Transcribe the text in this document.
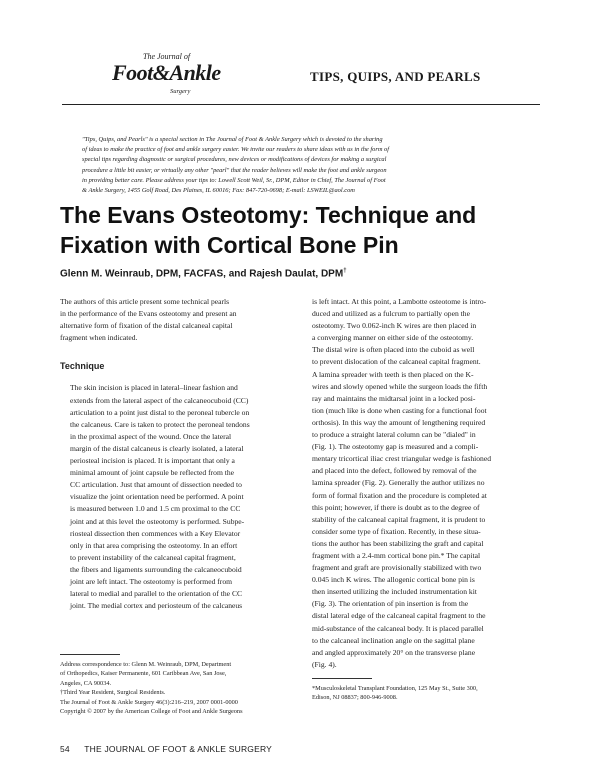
The Journal of
Foot&Ankle
Surgery
TIPS, QUIPS, AND PEARLS
"Tips, Quips, and Pearls" is a special section in The Journal of Foot & Ankle Surgery which is devoted to the sharing
of ideas to make the practice of foot and ankle surgery easier. We invite our readers to share ideas with us in the form of
special tips regarding diagnostic or surgical procedures, new devices or modifications of devices for making a surgical
procedure a little bit easier, or virtually any other "pearl" that the reader believes will make the foot and ankle surgeon
in providing better care. Please address your tips to: Lowell Scott Weil, Sr., DPM, Editor in Chief, The Journal of Foot
& Ankle Surgery, 1455 Golf Road, Des Plaines, IL 60016; Fax: 847-720-0698; E-mail: LSWEIL@aol.com
The Evans Osteotomy: Technique and
Fixation with Cortical Bone Pin
Glenn M. Weinraub, DPM, FACFAS, and Rajesh Daulat, DPM†
The authors of this article present some technical pearls
in the performance of the Evans osteotomy and present an
alternative form of fixation of the distal calcaneal capital
fragment when indicated.
Technique
The skin incision is placed in lateral–linear fashion and
extends from the lateral aspect of the calcaneocuboid (CC)
articulation to a point just distal to the peroneal tubercle on
the calcaneus. Care is taken to protect the peroneal tendons
in the proximal aspect of the wound. Once the lateral
margin of the distal calcaneus is clearly isolated, a lateral
periosteal incision is placed. It is important that only a
minimal amount of joint capsule be reflected from the
CC articulation. Just that amount of dissection needed to
visualize the joint orientation need be performed. A point
is measured between 1.0 and 1.5 cm proximal to the CC
joint and at this level the osteotomy is performed. Subpe-
riosteal dissection then commences with a Key Elevator
only in that area comprising the osteotomy. In an effort
to prevent instability of the calcaneal capital fragment,
the fibers and ligaments surrounding the calcaneocuboid
joint are left intact. The osteotomy is performed from
lateral to medial and parallel to the orientation of the CC
joint. The medial cortex and periosteum of the calcaneus
Address correspondence to: Glenn M. Weinraub, DPM, Department
of Orthopedics, Kaiser Permanente, 601 Caribbean Ave, San Jose,
Angeles, CA 90034.
†Third Year Resident, Surgical Residents.
The Journal of Foot & Ankle Surgery 46(3):216–219, 2007 0001-0000
Copyright © 2007 by the American College of Foot and Ankle Surgeons
is left intact. At this point, a Lambotte osteotome is intro-
duced and utilized as a fulcrum to partially open the
osteotomy. Two 0.062-inch K wires are then placed in
a converging manner on either side of the osteotomy.
The distal wire is often placed into the cuboid as well
to prevent dislocation of the calcaneal capital fragment.
A lamina spreader with teeth is then placed on the K-
wires and slowly opened while the surgeon loads the fifth
ray and maintains the midtarsal joint in a locked posi-
tion (much like is done when casting for a functional foot
orthosis). In this way the amount of lengthening required
to produce a straight lateral column can be "dialed" in
(Fig. 1). The osteotomy gap is measured and a compli-
mentary tricortical iliac crest triangular wedge is fashioned
and placed into the defect, followed by removal of the
lamina spreader (Fig. 2). Generally the author utilizes no
form of formal fixation and the procedure is completed at
this point; however, if there is doubt as to the degree of
stability of the calcaneal capital fragment, it is prudent to
consider some type of fixation. Recently, in these situa-
tions the author has been stabilizing the graft and capital
fragment with a 2.4-mm cortical bone pin.* The capital
fragment and graft are provisionally stabilized with two
0.045 inch K wires. The allogenic cortical bone pin is
then inserted utilizing the included instrumentation kit
(Fig. 3). The orientation of pin insertion is from the
distal lateral edge of the calcaneal capital fragment to the
mid-substance of the calcaneal body. It is placed parallel
to the calcaneal inclination angle on the sagittal plane
and angled approximately 20° on the transverse plane
(Fig. 4).
*Musculoskeletal Transplant Foundation, 125 May St., Suite 300,
Edison, NJ 08837; 800-946-9008.
54 THE JOURNAL OF FOOT & ANKLE SURGERY
